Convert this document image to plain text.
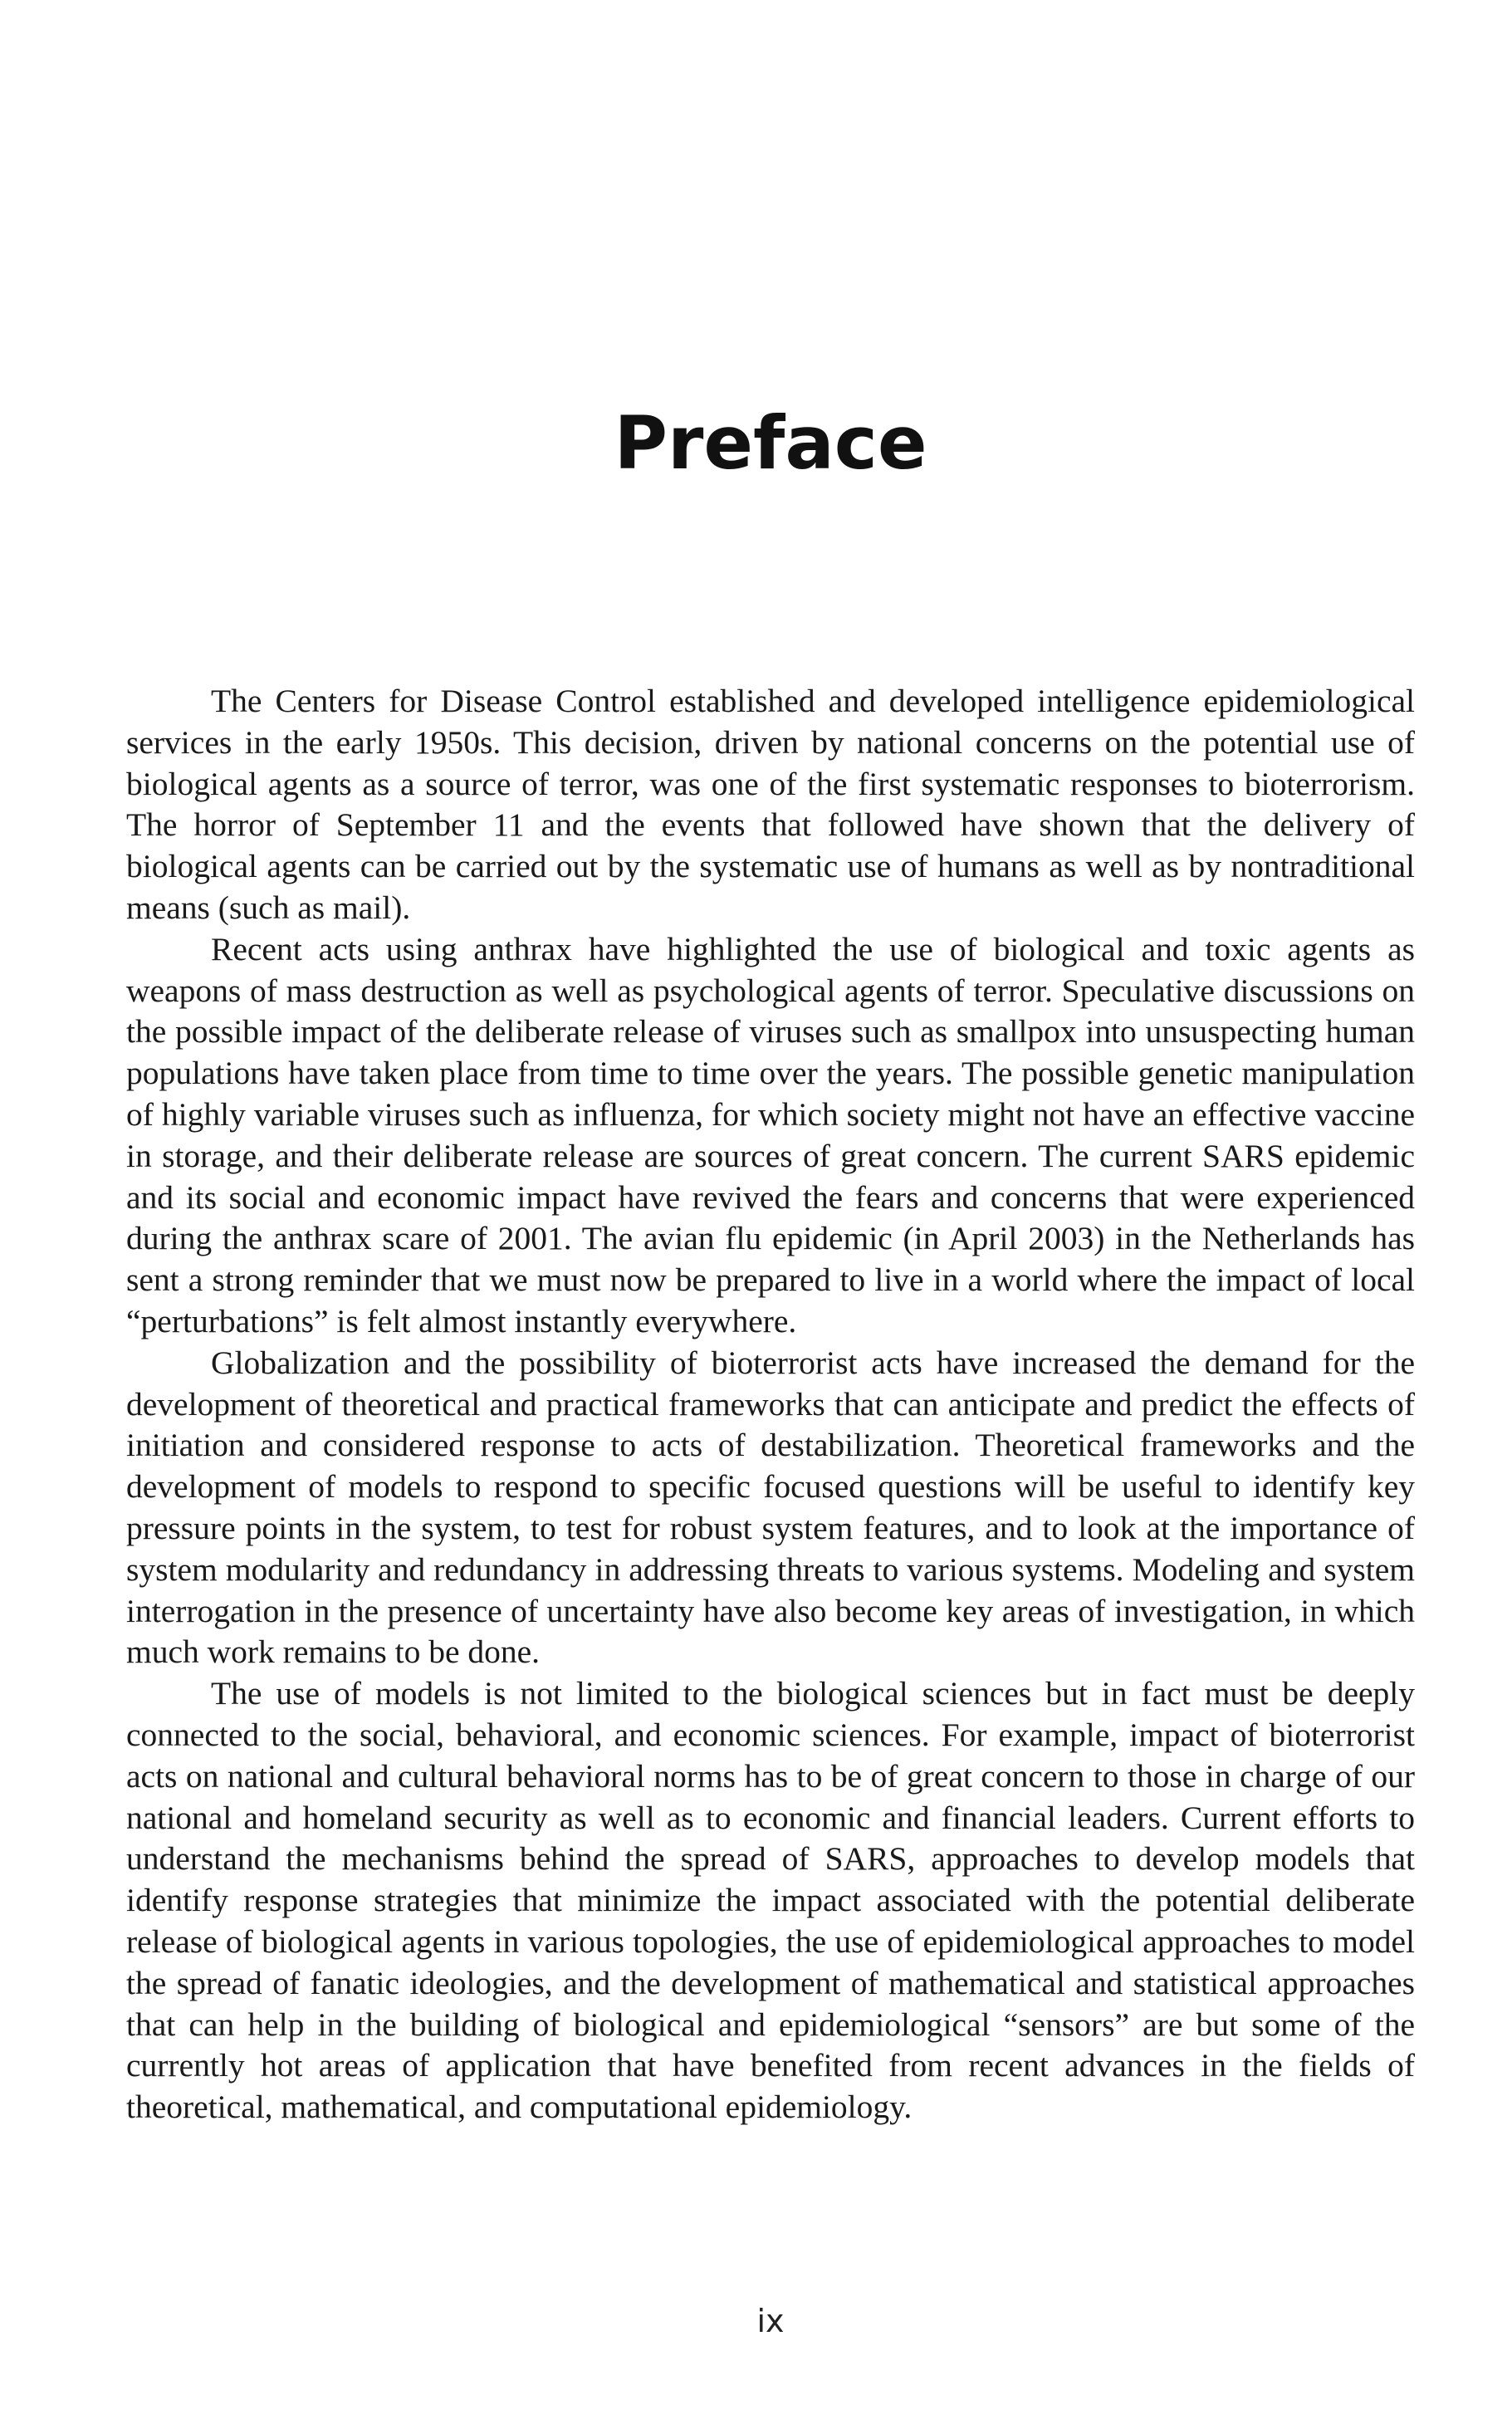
Preface

The Centers for Disease Control established and developed intelligence epidemiological services in the early 1950s. This decision, driven by national concerns on the potential use of biological agents as a source of terror, was one of the first systematic responses to bioterrorism. The horror of September 11 and the events that followed have shown that the delivery of biological agents can be carried out by the systematic use of humans as well as by nontraditional means (such as mail).

Recent acts using anthrax have highlighted the use of biological and toxic agents as weapons of mass destruction as well as psychological agents of terror. Speculative discussions on the possible impact of the deliberate release of viruses such as smallpox into unsuspecting human populations have taken place from time to time over the years. The possible genetic manipulation of highly variable viruses such as influenza, for which society might not have an effective vaccine in storage, and their deliberate release are sources of great concern. The current SARS epidemic and its social and economic impact have revived the fears and concerns that were experienced during the anthrax scare of 2001. The avian flu epidemic (in April 2003) in the Netherlands has sent a strong reminder that we must now be prepared to live in a world where the impact of local “perturbations” is felt almost instantly everywhere.

Globalization and the possibility of bioterrorist acts have increased the demand for the development of theoretical and practical frameworks that can anticipate and predict the effects of initiation and considered response to acts of destabilization. Theoretical frameworks and the development of models to respond to specific focused questions will be useful to identify key pressure points in the system, to test for robust system features, and to look at the importance of system modularity and redundancy in addressing threats to various systems. Modeling and system interrogation in the presence of uncertainty have also become key areas of investigation, in which much work remains to be done.

The use of models is not limited to the biological sciences but in fact must be deeply connected to the social, behavioral, and economic sciences. For example, impact of bioterrorist acts on national and cultural behavioral norms has to be of great concern to those in charge of our national and homeland security as well as to economic and financial leaders. Current efforts to understand the mechanisms behind the spread of SARS, approaches to develop models that identify response strategies that minimize the impact associated with the potential deliberate release of biological agents in various topologies, the use of epidemiological approaches to model the spread of fanatic ideologies, and the development of mathematical and statistical approaches that can help in the building of biological and epidemiological “sensors” are but some of the currently hot areas of application that have benefited from recent advances in the fields of theoretical, mathematical, and computational epidemiology.

ix
